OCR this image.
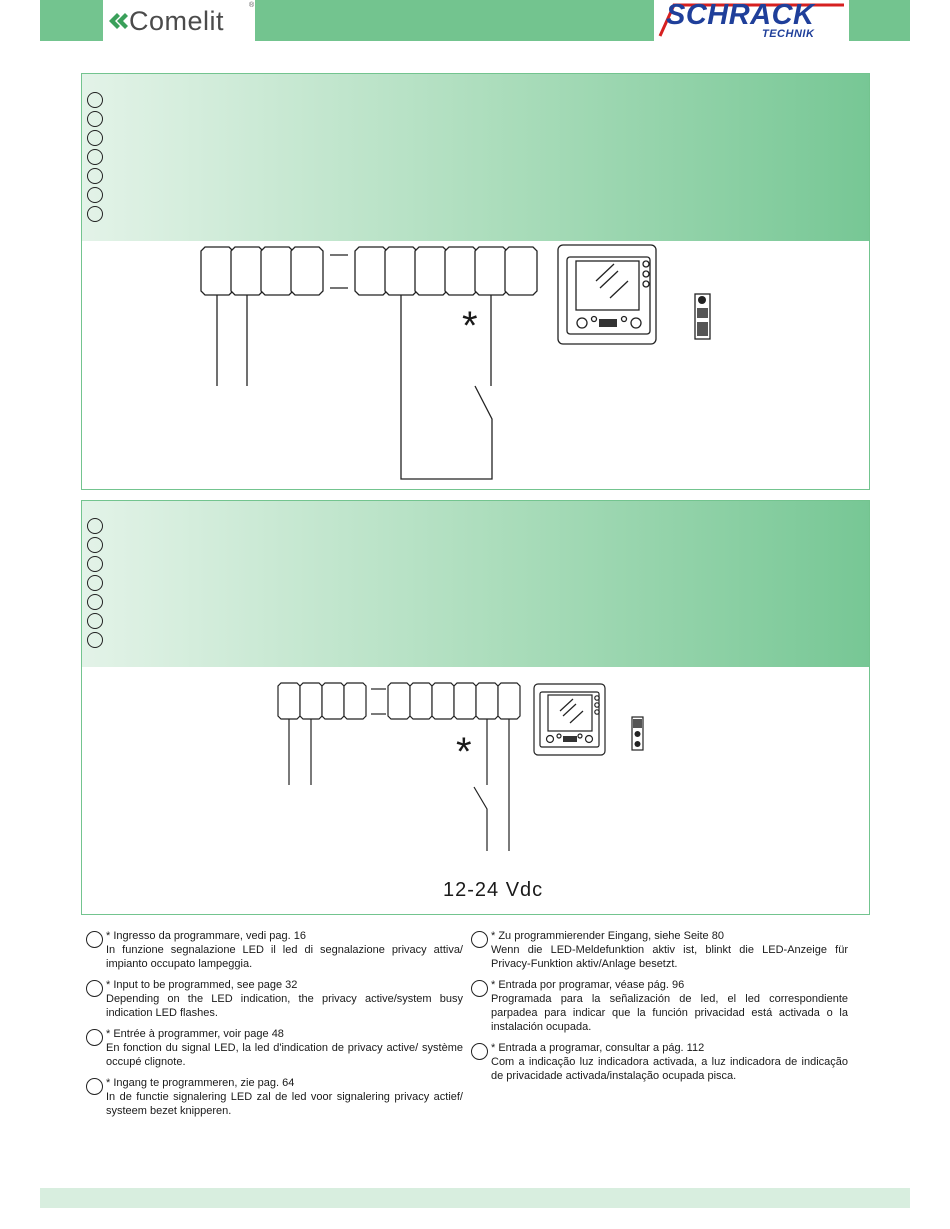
Comelit
®	SCHRACK
TECHNIK
*
*
12-24 Vdc
* Ingresso da programmare, vedi pag. 16
In funzione segnalazione LED il led di segnalazione privacy attiva/ impianto occupato lampeggia.
* Input to be programmed, see page 32
Depending on the LED indication, the privacy active/system busy indication LED flashes.
* Entrée à programmer, voir page 48
En fonction du signal LED, la led d'indication de privacy active/ système occupé clignote.
* Ingang te programmeren, zie pag. 64
In de functie signalering LED zal de led voor signalering privacy actief/ systeem bezet knipperen.
* Zu programmierender Eingang, siehe Seite 80
Wenn die LED-Meldefunktion aktiv ist, blinkt die LED-Anzeige für Privacy-Funktion aktiv/Anlage besetzt.
* Entrada por programar, véase pág. 96
Programada para la señalización de led, el led correspondiente parpadea para indicar que la función privacidad está activada o la instalación ocupada.
* Entrada a programar, consultar a pág. 112
Com a indicação luz indicadora activada, a luz indicadora de indicação de privacidade activada/instalação ocupada pisca.
